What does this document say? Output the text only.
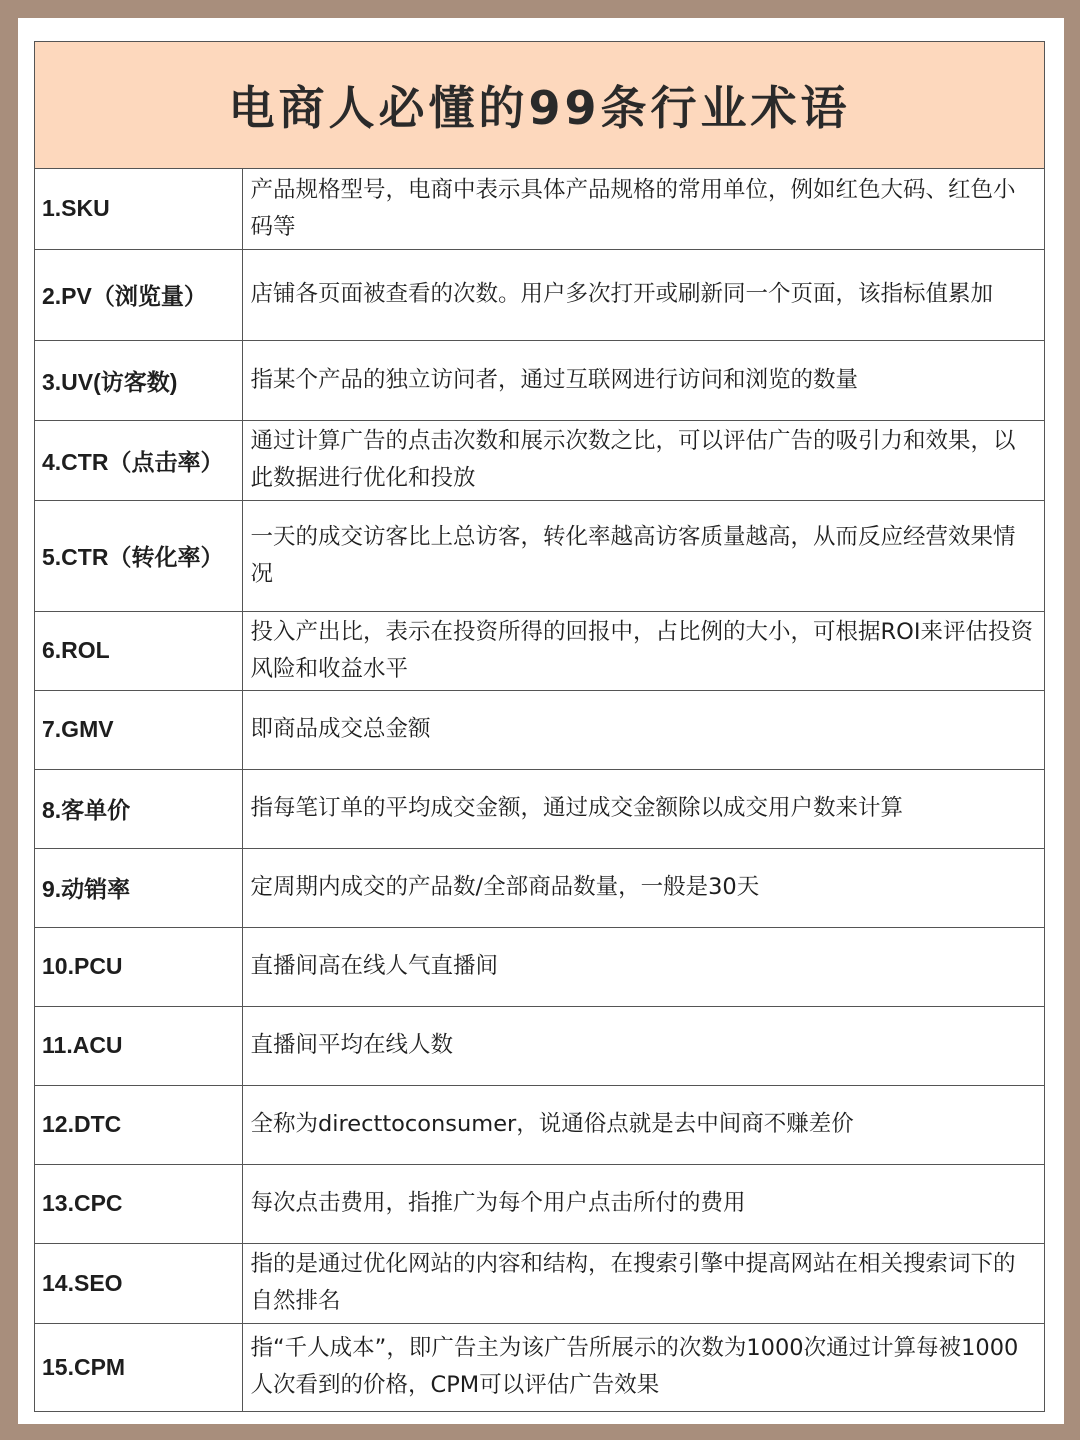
电商人必懂的99条行业术语
1.SKU	产品规格型号，电商中表示具体产品规格的常用单位，例如红色大码、红色小码等
2.PV（浏览量）	店铺各页面被查看的次数。用户多次打开或刷新同一个页面，该指标值累加
3.UV(访客数)	指某个产品的独立访问者，通过互联网进行访问和浏览的数量
4.CTR（点击率）	通过计算广告的点击次数和展示次数之比，可以评估广告的吸引力和效果，以此数据进行优化和投放
5.CTR（转化率）	一天的成交访客比上总访客，转化率越高访客质量越高，从而反应经营效果情况
6.ROL	投入产出比，表示在投资所得的回报中，占比例的大小，可根据ROI来评估投资风险和收益水平
7.GMV	即商品成交总金额
8.客单价	指每笔订单的平均成交金额，通过成交金额除以成交用户数来计算
9.动销率	定周期内成交的产品数/全部商品数量，一般是30天
10.PCU	直播间高在线人气直播间
11.ACU	直播间平均在线人数
12.DTC	全称为directtoconsumer，说通俗点就是去中间商不赚差价
13.CPC	每次点击费用，指推广为每个用户点击所付的费用
14.SEO	指的是通过优化网站的内容和结构，在搜索引擎中提高网站在相关搜索词下的自然排名
15.CPM	指“千人成本”，即广告主为该广告所展示的次数为1000次通过计算每被1000人次看到的价格，CPM可以评估广告效果
